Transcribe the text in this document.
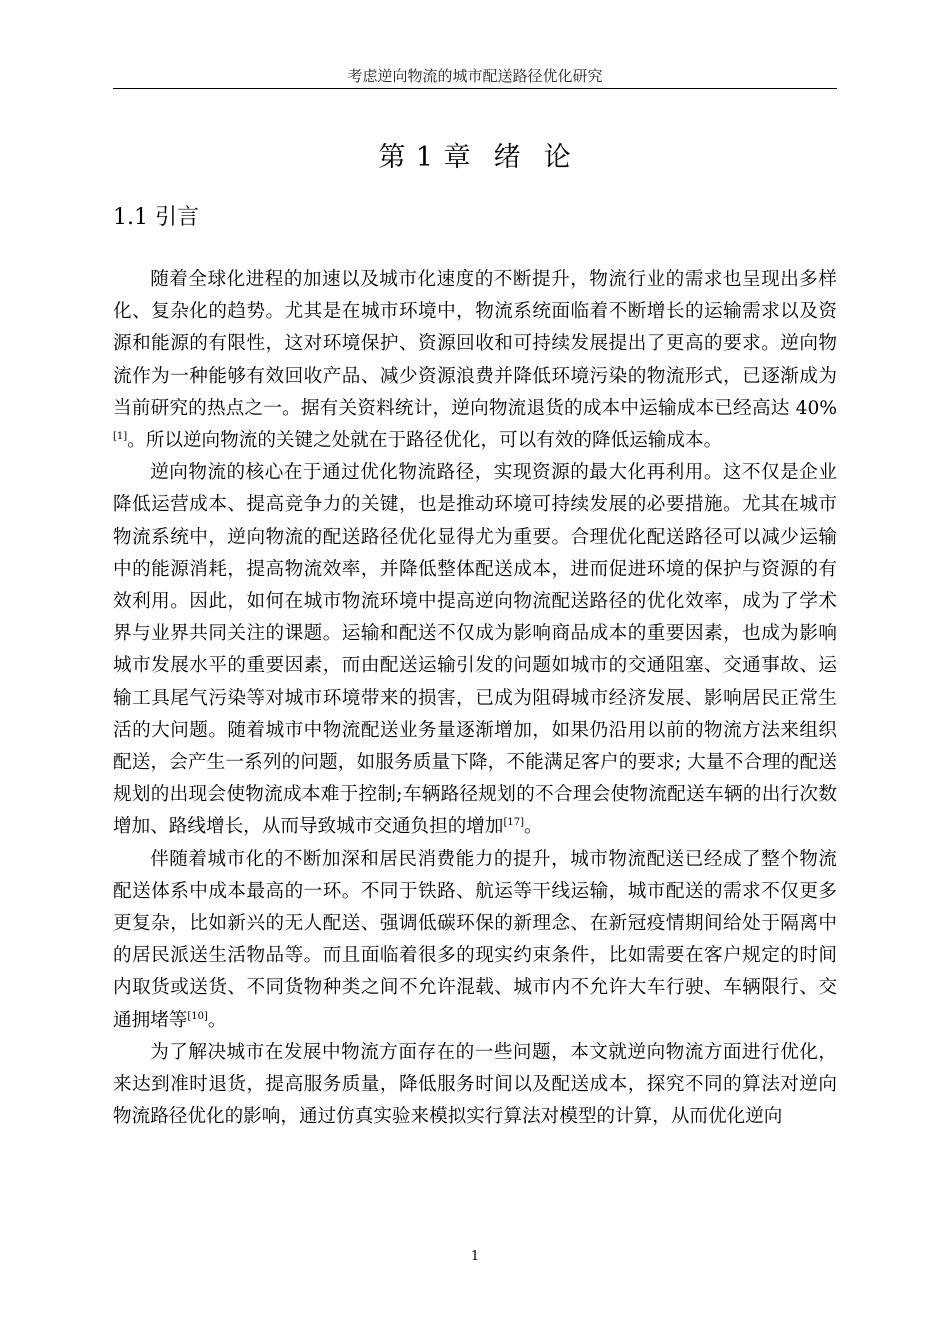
考虑逆向物流的城市配送路径优化研究
第 1 章 绪 论
1.1 引言

随着全球化进程的加速以及城市化速度的不断提升，物流行业的需求也呈现出多样化、复杂化的趋势。尤其是在城市环境中，物流系统面临着不断增长的运输需求以及资源和能源的有限性，这对环境保护、资源回收和可持续发展提出了更高的要求。逆向物流作为一种能够有效回收产品、减少资源浪费并降低环境污染的物流形式，已逐渐成为当前研究的热点之一。据有关资料统计，逆向物流退货的成本中运输成本已经高达 40%[1]。所以逆向物流的关键之处就在于路径优化，可以有效的降低运输成本。

逆向物流的核心在于通过优化物流路径，实现资源的最大化再利用。这不仅是企业降低运营成本、提高竞争力的关键，也是推动环境可持续发展的必要措施。尤其在城市物流系统中，逆向物流的配送路径优化显得尤为重要。合理优化配送路径可以减少运输中的能源消耗，提高物流效率，并降低整体配送成本，进而促进环境的保护与资源的有效利用。因此，如何在城市物流环境中提高逆向物流配送路径的优化效率，成为了学术界与业界共同关注的课题。运输和配送不仅成为影响商品成本的重要因素，也成为影响城市发展水平的重要因素，而由配送运输引发的问题如城市的交通阻塞、交通事故、运输工具尾气污染等对城市环境带来的损害，已成为阻碍城市经济发展、影响居民正常生活的大问题。随着城市中物流配送业务量逐渐增加，如果仍沿用以前的物流方法来组织配送，会产生一系列的问题，如服务质量下降，不能满足客户的要求; 大量不合理的配送规划的出现会使物流成本难于控制;车辆路径规划的不合理会使物流配送车辆的出行次数增加、路线增长，从而导致城市交通负担的增加[17]。

伴随着城市化的不断加深和居民消费能力的提升，城市物流配送已经成了整个物流配送体系中成本最高的一环。不同于铁路、航运等干线运输，城市配送的需求不仅更多更复杂，比如新兴的无人配送、强调低碳环保的新理念、在新冠疫情期间给处于隔离中的居民派送生活物品等。而且面临着很多的现实约束条件，比如需要在客户规定的时间内取货或送货、不同货物种类之间不允许混载、城市内不允许大车行驶、车辆限行、交通拥堵等[10]。

为了解决城市在发展中物流方面存在的一些问题，本文就逆向物流方面进行优化，来达到准时退货，提高服务质量，降低服务时间以及配送成本，探究不同的算法对逆向物流路径优化的影响，通过仿真实验来模拟实行算法对模型的计算，从而优化逆向

1
